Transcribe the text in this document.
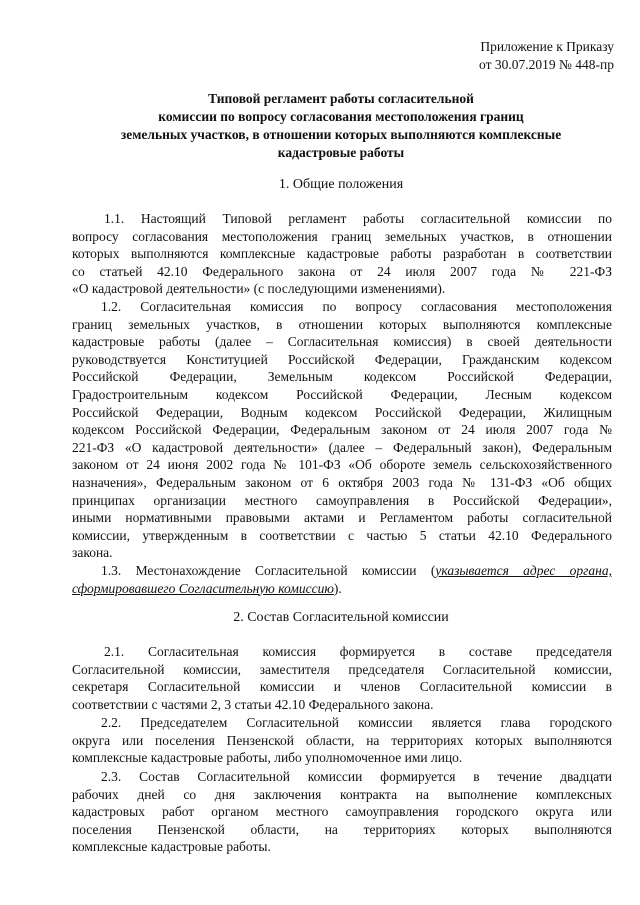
Приложение к Приказу
от 30.07.2019 № 448-пр
Типовой регламент работы согласительной
комиссии по вопросу согласования местоположения границ
земельных участков, в отношении которых выполняются комплексные
кадастровые работы
1. Общие положения
1.1. Настоящий Типовой регламент работы согласительной комиссии по
вопросу согласования местоположения границ земельных участков, в отношении
которых выполняются комплексные кадастровые работы разработан в соответствии
со статьей 42.10 Федерального закона от 24 июля 2007 года № 221-ФЗ
«О кадастровой деятельности» (с последующими изменениями).
1.2. Согласительная комиссия по вопросу согласования местоположения
границ земельных участков, в отношении которых выполняются комплексные
кадастровые работы (далее – Согласительная комиссия) в своей деятельности
руководствуется Конституцией Российской Федерации, Гражданским кодексом
Российской Федерации, Земельным кодексом Российской Федерации,
Градостроительным кодексом Российской Федерации, Лесным кодексом
Российской Федерации, Водным кодексом Российской Федерации, Жилищным
кодексом Российской Федерации, Федеральным законом от 24 июля 2007 года №
221-ФЗ «О кадастровой деятельности» (далее – Федеральный закон), Федеральным
законом от 24 июня 2002 года № 101-ФЗ «Об обороте земель сельскохозяйственного
назначения», Федеральным законом от 6 октября 2003 года № 131-ФЗ «Об общих
принципах организации местного самоуправления в Российской Федерации»,
иными нормативными правовыми актами и Регламентом работы согласительной
комиссии, утвержденным в соответствии с частью 5 статьи 42.10 Федерального
закона.
1.3. Местонахождение Согласительной комиссии (указывается адрес органа,
сформировавшего Согласительную комиссию).
2. Состав Согласительной комиссии
2.1. Согласительная комиссия формируется в составе председателя
Согласительной комиссии, заместителя председателя Согласительной комиссии,
секретаря Согласительной комиссии и членов Согласительной комиссии в
соответствии с частями 2, 3 статьи 42.10 Федерального закона.
2.2. Председателем Согласительной комиссии является глава городского
округа или поселения Пензенской области, на территориях которых выполняются
комплексные кадастровые работы, либо уполномоченное ими лицо.
2.3. Состав Согласительной комиссии формируется в течение двадцати
рабочих дней со дня заключения контракта на выполнение комплексных
кадастровых работ органом местного самоуправления городского округа или
поселения Пензенской области, на территориях которых выполняются
комплексные кадастровые работы.
